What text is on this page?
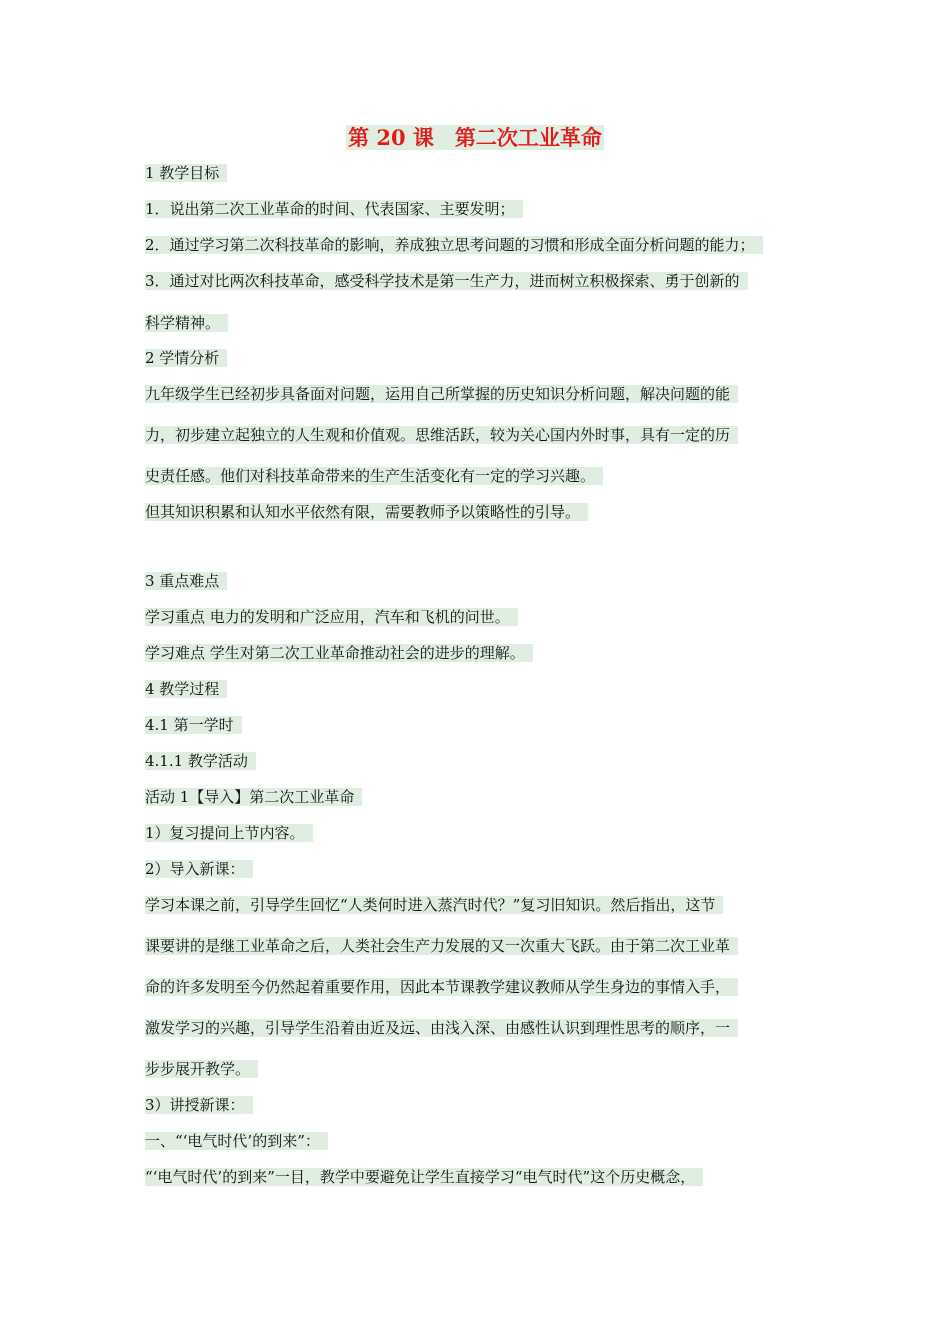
第 20 课　第二次工业革命
1 教学目标
1．说出第二次工业革命的时间、代表国家、主要发明；
2．通过学习第二次科技革命的影响，养成独立思考问题的习惯和形成全面分析问题的能力；
3．通过对比两次科技革命，感受科学技术是第一生产力，进而树立积极探索、勇于创新的
科学精神。
2 学情分析
九年级学生已经初步具备面对问题，运用自己所掌握的历史知识分析问题，解决问题的能
力，初步建立起独立的人生观和价值观。思维活跃，较为关心国内外时事，具有一定的历
史责任感。他们对科技革命带来的生产生活变化有一定的学习兴趣。
但其知识积累和认知水平依然有限，需要教师予以策略性的引导。
3 重点难点
学习重点 电力的发明和广泛应用，汽车和飞机的问世。
学习难点 学生对第二次工业革命推动社会的进步的理解。
4 教学过程
4.1 第一学时
4.1.1 教学活动
活动 1【导入】第二次工业革命
1）复习提问上节内容。
2）导入新课：
学习本课之前，引导学生回忆“人类何时进入蒸汽时代？”复习旧知识。然后指出，这节
课要讲的是继工业革命之后，人类社会生产力发展的又一次重大飞跃。由于第二次工业革
命的许多发明至今仍然起着重要作用，因此本节课教学建议教师从学生身边的事情入手，
激发学习的兴趣，引导学生沿着由近及远、由浅入深、由感性认识到理性思考的顺序，一
步步展开教学。
3）讲授新课：
一、“‘电气时代’的到来”：
“‘电气时代’的到来”一目，教学中要避免让学生直接学习“电气时代”这个历史概念，
